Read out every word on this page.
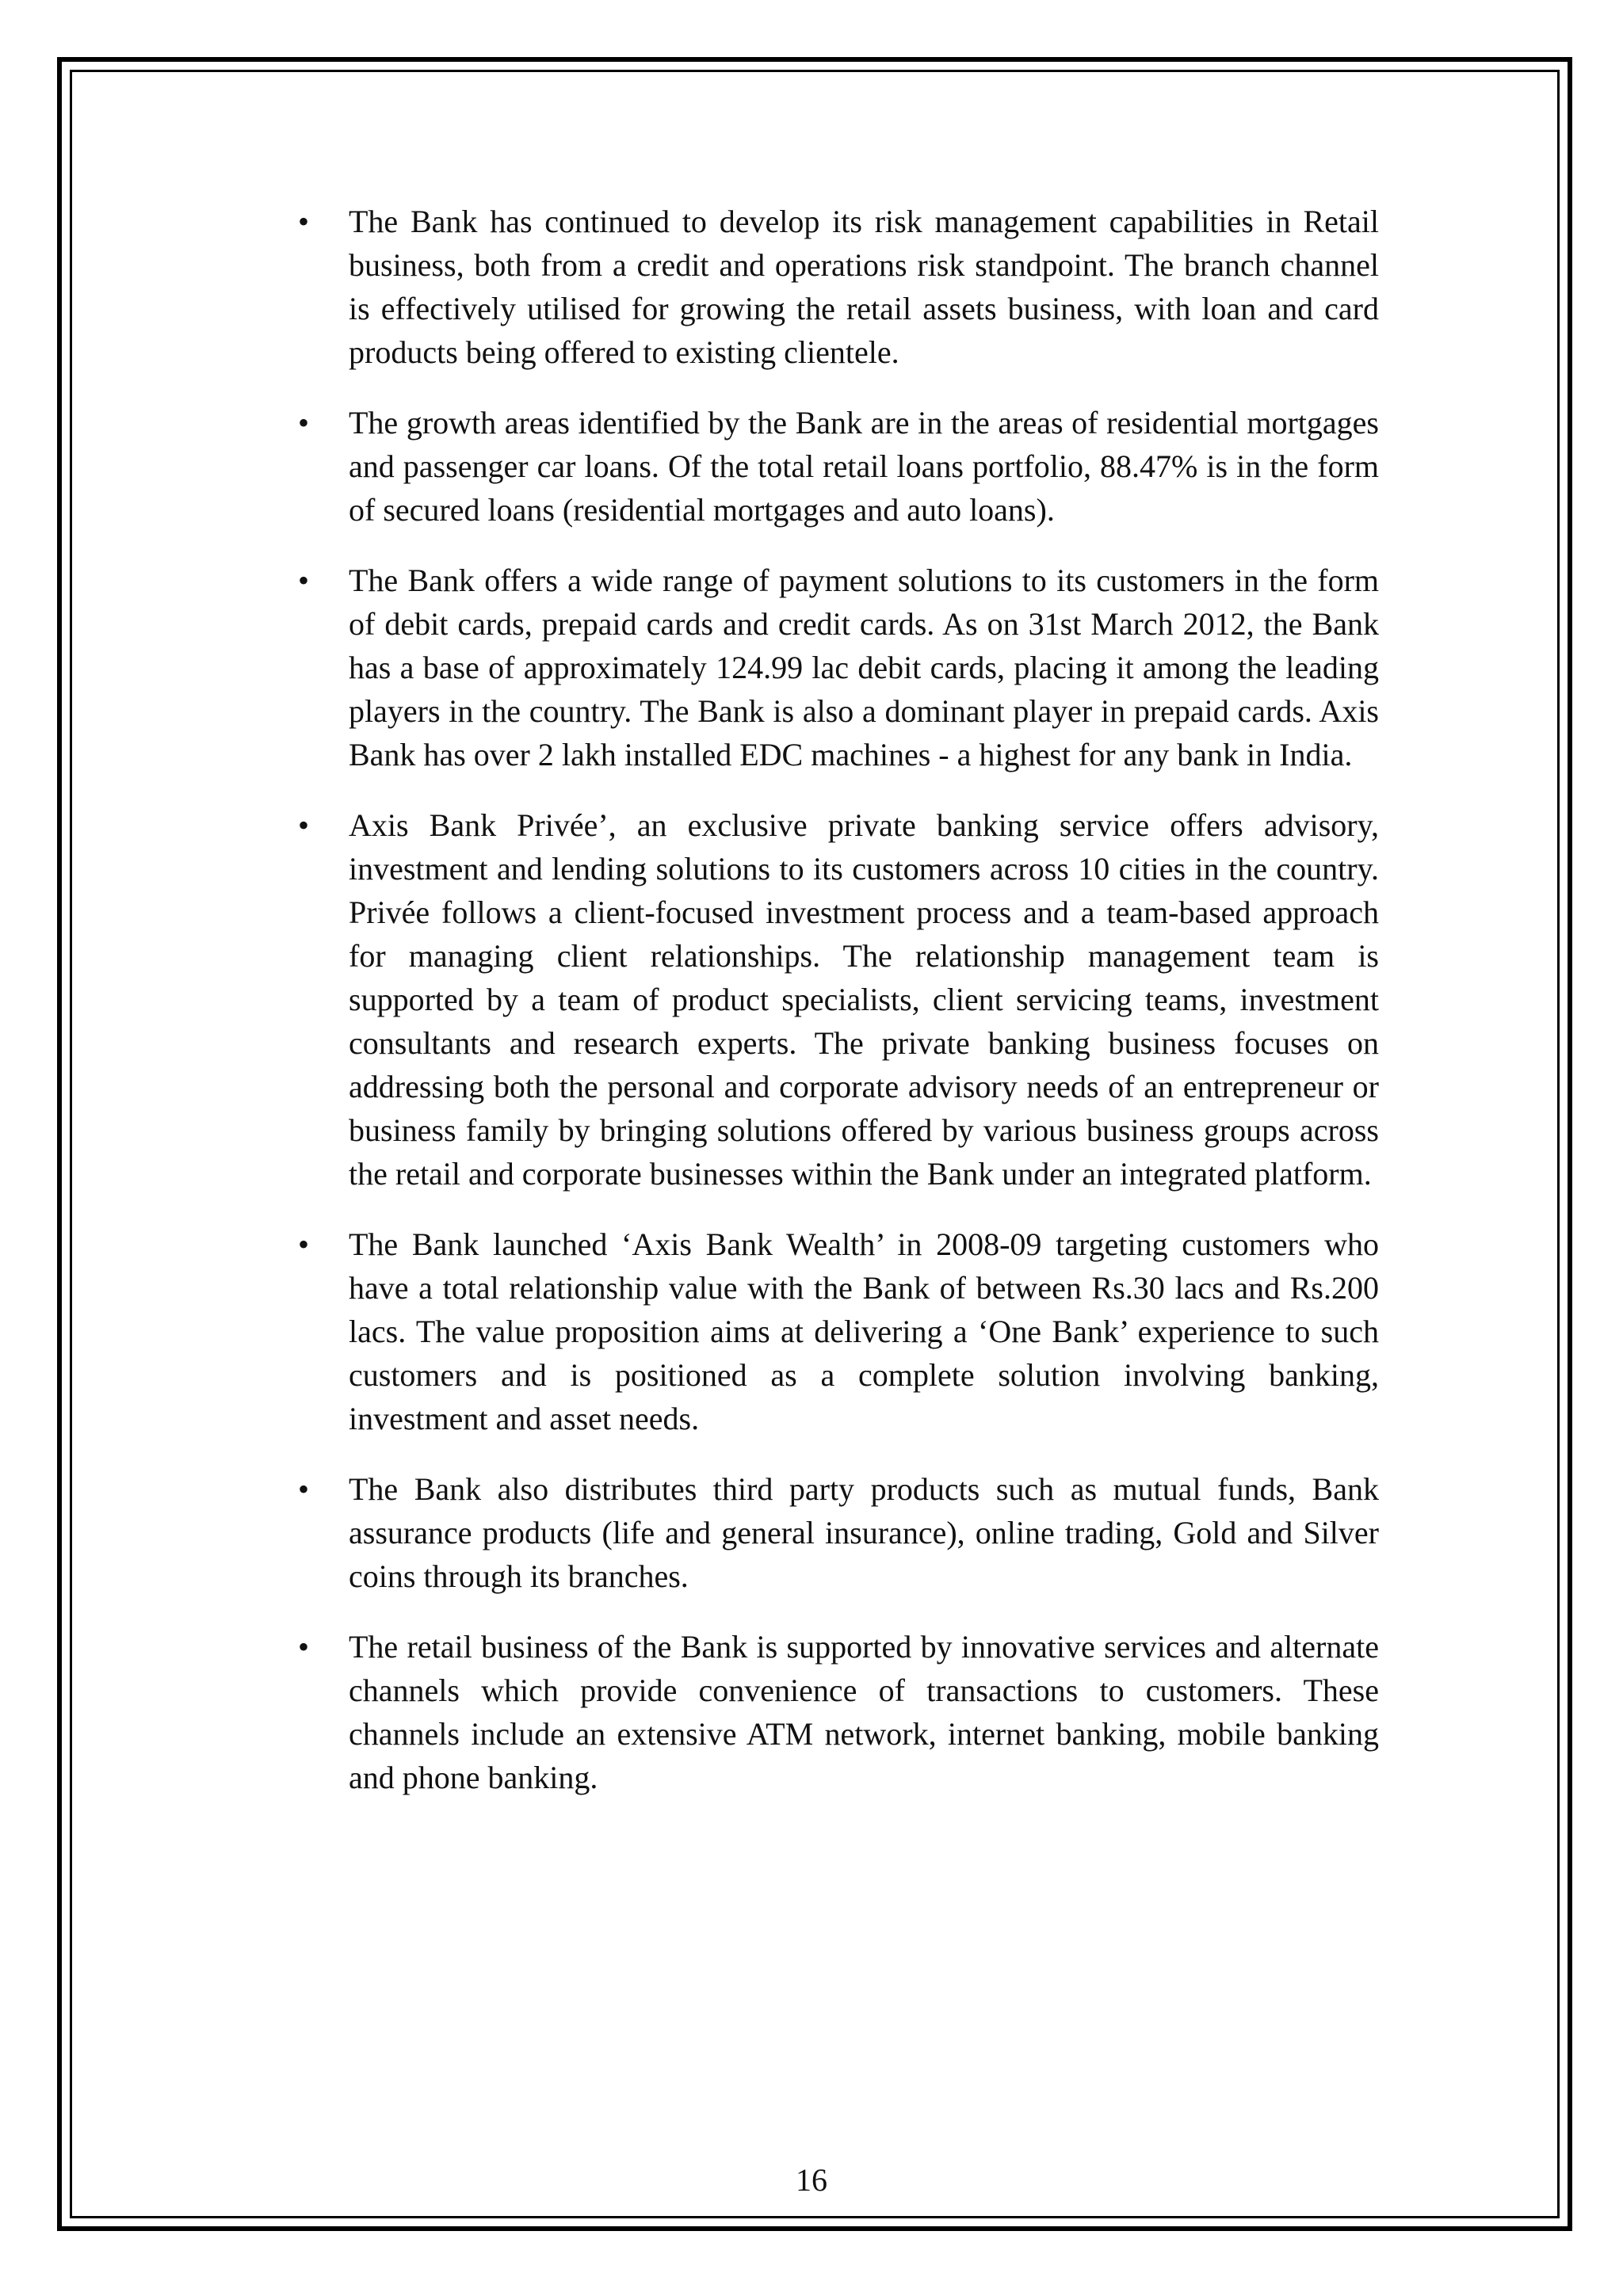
• The Bank has continued to develop its risk management capabilities in Retail business, both from a credit and operations risk standpoint. The branch channel is effectively utilised for growing the retail assets business, with loan and card products being offered to existing clientele.
• The growth areas identified by the Bank are in the areas of residential mortgages and passenger car loans. Of the total retail loans portfolio, 88.47% is in the form of secured loans (residential mortgages and auto loans).
• The Bank offers a wide range of payment solutions to its customers in the form of debit cards, prepaid cards and credit cards. As on 31st March 2012, the Bank has a base of approximately 124.99 lac debit cards, placing it among the leading players in the country. The Bank is also a dominant player in prepaid cards. Axis Bank has over 2 lakh installed EDC machines - a highest for any bank in India.
• Axis Bank Privée’, an exclusive private banking service offers advisory, investment and lending solutions to its customers across 10 cities in the country. Privée follows a client-focused investment process and a team-based approach for managing client relationships. The relationship management team is supported by a team of product specialists, client servicing teams, investment consultants and research experts. The private banking business focuses on addressing both the personal and corporate advisory needs of an entrepreneur or business family by bringing solutions offered by various business groups across the retail and corporate businesses within the Bank under an integrated platform.
• The Bank launched ‘Axis Bank Wealth’ in 2008-09 targeting customers who have a total relationship value with the Bank of between Rs.30 lacs and Rs.200 lacs. The value proposition aims at delivering a ‘One Bank’ experience to such customers and is positioned as a complete solution involving banking, investment and asset needs.
• The Bank also distributes third party products such as mutual funds, Bank assurance products (life and general insurance), online trading, Gold and Silver coins through its branches.
• The retail business of the Bank is supported by innovative services and alternate channels which provide convenience of transactions to customers. These channels include an extensive ATM network, internet banking, mobile banking and phone banking.
16
